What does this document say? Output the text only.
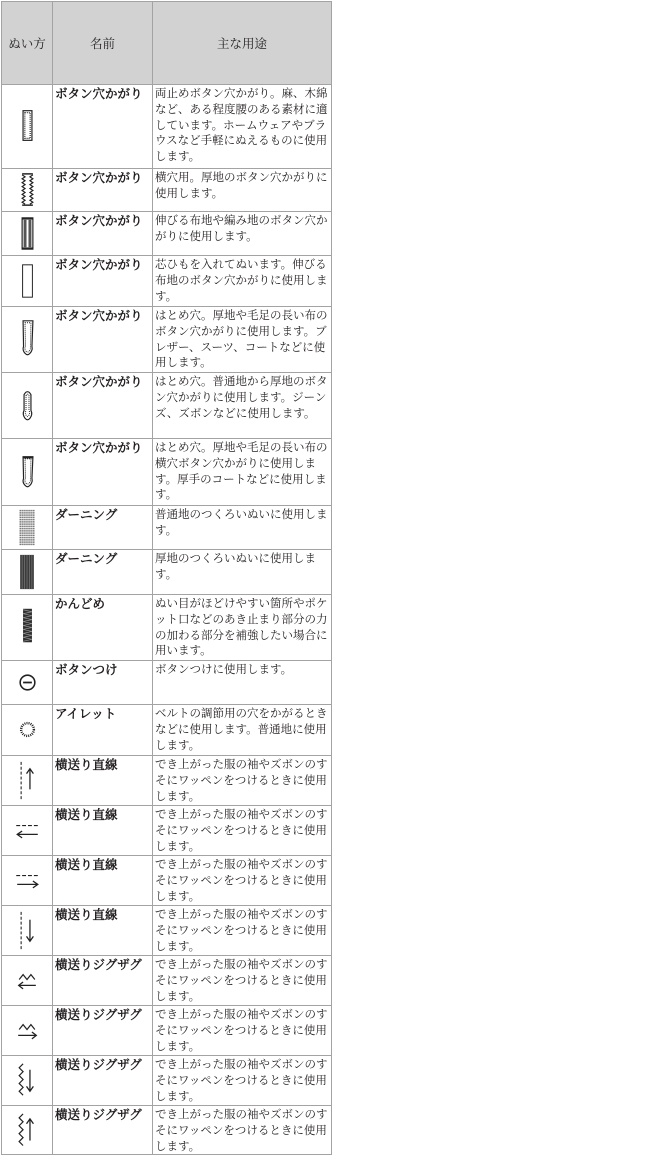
ぬい方	名前	主な用途

	ボタン穴かがり	両止めボタン穴かがり。麻、木綿など、ある程度腰のある素材に適しています。ホームウェアやブラウスなど手軽にぬえるものに使用します。

	ボタン穴かがり	横穴用。厚地のボタン穴かがりに使用します。

	ボタン穴かがり	伸びる布地や編み地のボタン穴かがりに使用します。

	ボタン穴かがり	芯ひもを入れてぬいます。伸びる布地のボタン穴かがりに使用します。

	ボタン穴かがり	はとめ穴。厚地や毛足の長い布のボタン穴かがりに使用します。ブレザー、スーツ、コートなどに使用します。

	ボタン穴かがり	はとめ穴。普通地から厚地のボタン穴かがりに使用します。ジーンズ、ズボンなどに使用します。

	ボタン穴かがり	はとめ穴。厚地や毛足の長い布の横穴ボタン穴かがりに使用します。厚手のコートなどに使用します。

	ダーニング	普通地のつくろいぬいに使用します。

	ダーニング	厚地のつくろいぬいに使用します。

	かんどめ	ぬい目がほどけやすい箇所やポケット口などのあき止まり部分の力の加わる部分を補強したい場合に用います。

	ボタンつけ	ボタンつけに使用します。

	アイレット	ベルトの調節用の穴をかがるときなどに使用します。普通地に使用します。

	横送り直線	でき上がった服の袖やズボンのすそにワッペンをつけるときに使用します。

	横送り直線	でき上がった服の袖やズボンのすそにワッペンをつけるときに使用します。

	横送り直線	でき上がった服の袖やズボンのすそにワッペンをつけるときに使用します。

	横送り直線	でき上がった服の袖やズボンのすそにワッペンをつけるときに使用します。

	横送りジグザグ	でき上がった服の袖やズボンのすそにワッペンをつけるときに使用します。

	横送りジグザグ	でき上がった服の袖やズボンのすそにワッペンをつけるときに使用します。

	横送りジグザグ	でき上がった服の袖やズボンのすそにワッペンをつけるときに使用します。

	横送りジグザグ	でき上がった服の袖やズボンのすそにワッペンをつけるときに使用します。
